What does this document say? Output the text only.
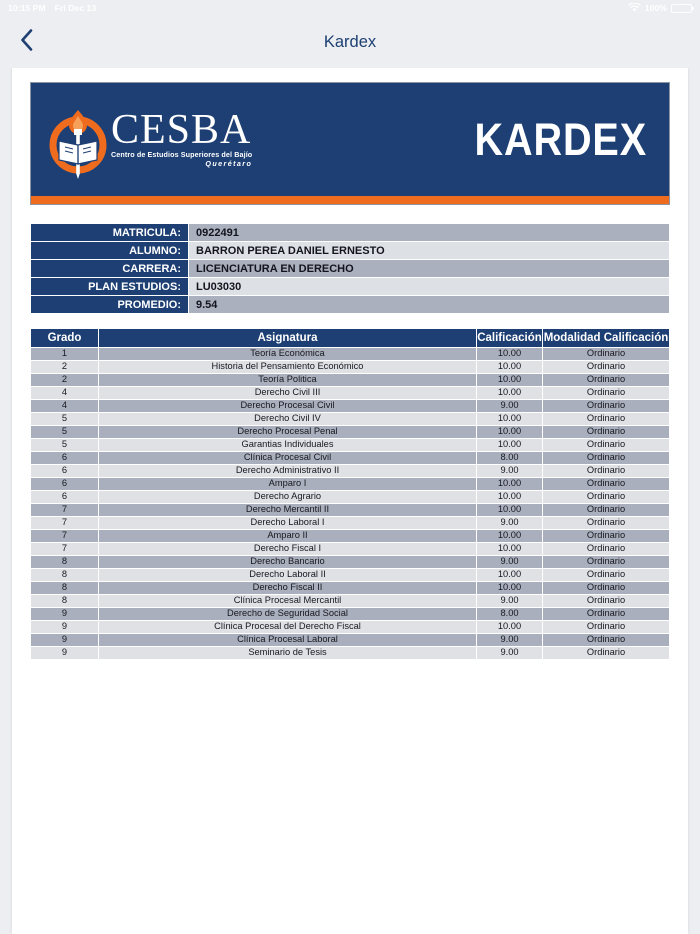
10:15 PM Fri Dec 13	100%
Kardex
CESBA
Centro de Estudios Superiores del Bajío
Querétaro	KARDEX
MATRICULA:	0922491
ALUMNO:	BARRON PEREA DANIEL ERNESTO
CARRERA:	LICENCIATURA EN DERECHO
PLAN ESTUDIOS:	LU03030
PROMEDIO:	9.54
Grado	Asignatura	Calificación	Modalidad Calificación
1	Teoría Económica	10.00	Ordinario
2	Historia del Pensamiento Económico	10.00	Ordinario
2	Teoría Politica	10.00	Ordinario
4	Derecho Civil III	10.00	Ordinario
4	Derecho Procesal Civil	9.00	Ordinario
5	Derecho Civil IV	10.00	Ordinario
5	Derecho Procesal Penal	10.00	Ordinario
5	Garantias Individuales	10.00	Ordinario
6	Clínica Procesal Civil	8.00	Ordinario
6	Derecho Administrativo II	9.00	Ordinario
6	Amparo I	10.00	Ordinario
6	Derecho Agrario	10.00	Ordinario
7	Derecho Mercantil II	10.00	Ordinario
7	Derecho Laboral I	9.00	Ordinario
7	Amparo II	10.00	Ordinario
7	Derecho Fiscal I	10.00	Ordinario
8	Derecho Bancario	9.00	Ordinario
8	Derecho Laboral II	10.00	Ordinario
8	Derecho Fiscal II	10.00	Ordinario
8	Clínica Procesal Mercantil	9.00	Ordinario
9	Derecho de Seguridad Social	8.00	Ordinario
9	Clínica Procesal del Derecho Fiscal	10.00	Ordinario
9	Clínica Procesal Laboral	9.00	Ordinario
9	Seminario de Tesis	9.00	Ordinario
